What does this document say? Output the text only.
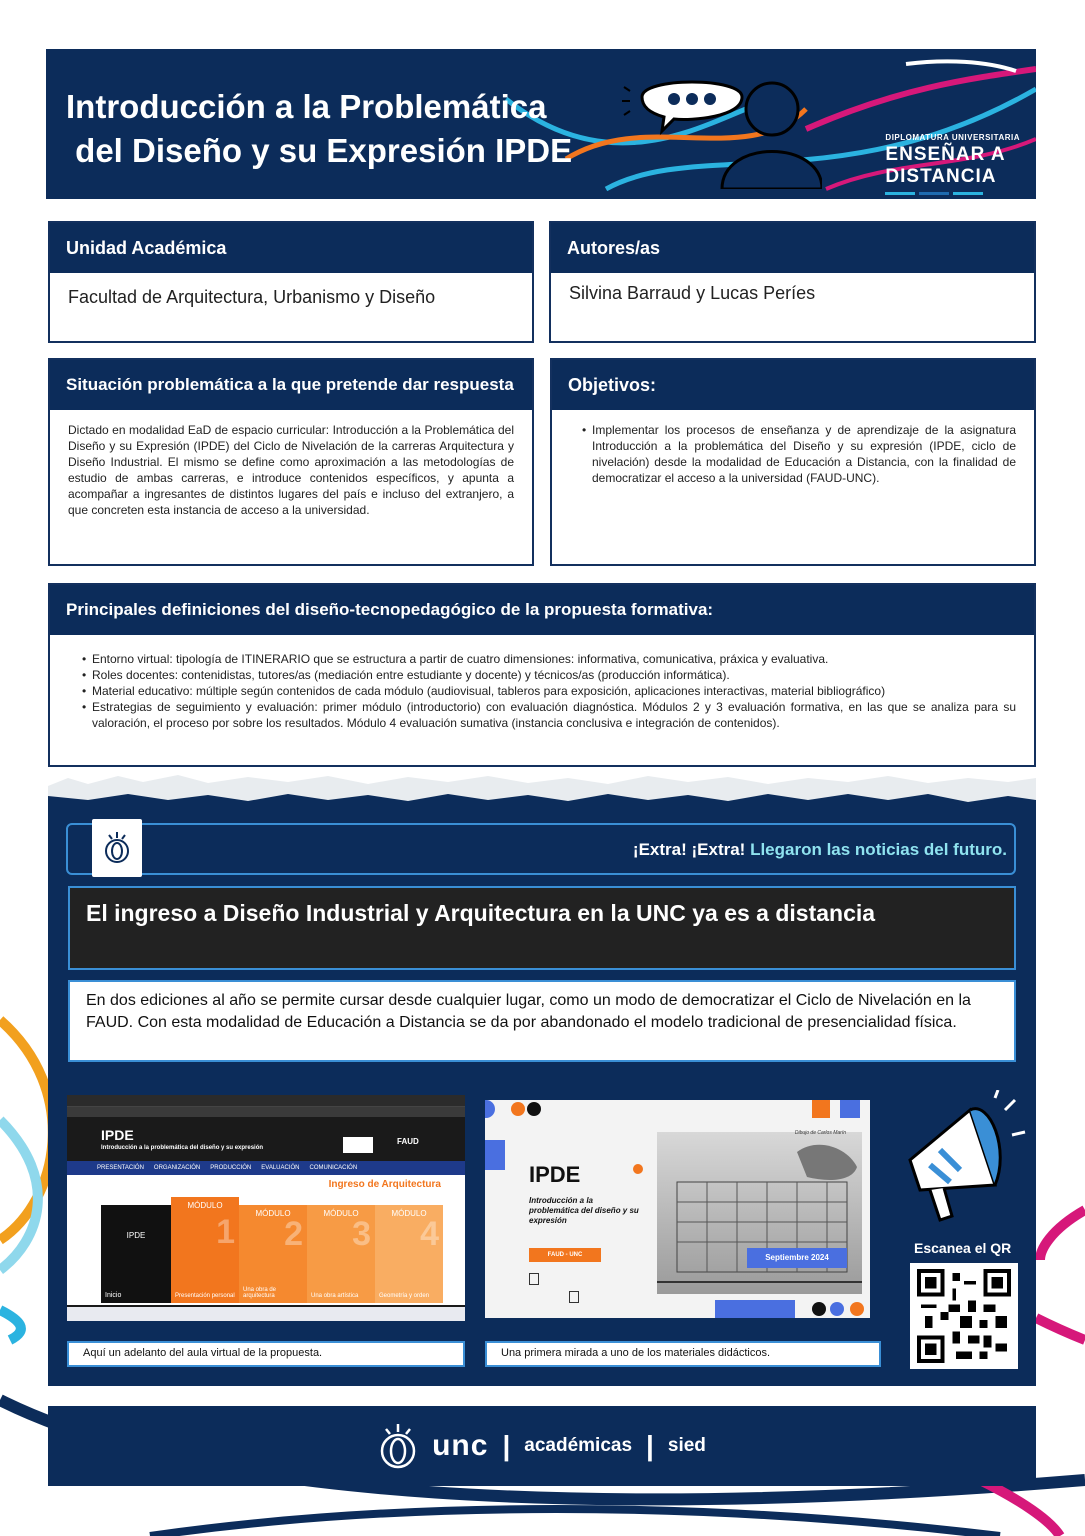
Introducción a la Problemática
del Diseño y su Expresión IPDE	DIPLOMATURA UNIVERSITARIA
ENSEÑAR A
DISTANCIA
Unidad Académica
Facultad de Arquitectura, Urbanismo y Diseño
Autores/as
Silvina Barraud y Lucas Períes
Situación problemática a la que pretende dar respuesta
Dictado en modalidad EaD de espacio curricular: Introducción a la Problemática del Diseño y su Expresión (IPDE) del Ciclo de Nivelación de la carreras Arquitectura y Diseño Industrial. El mismo se define como aproximación a las metodologías de estudio de ambas carreras, e introduce contenidos específicos, y apunta a acompañar a ingresantes de distintos lugares del país e incluso del extranjero, a que concreten esta instancia de acceso a la universidad.
Objetivos:
• Implementar los procesos de enseñanza y de aprendizaje de la asignatura Introducción a la problemática del Diseño y su expresión (IPDE, ciclo de nivelación) desde la modalidad de Educación a Distancia, con la finalidad de democratizar el acceso a la universidad (FAUD-UNC).
Principales definiciones del diseño-tecnopedagógico de la propuesta formativa:
• Entorno virtual: tipología de ITINERARIO que se estructura a partir de cuatro dimensiones: informativa, comunicativa, práxica y evaluativa.
• Roles docentes: contenidistas, tutores/as (mediación entre estudiante y docente) y técnicos/as (producción informática).
• Material educativo: múltiple según contenidos de cada módulo (audiovisual, tableros para exposición, aplicaciones interactivas, material bibliográfico)
• Estrategias de seguimiento y evaluación: primer módulo (introductorio) con evaluación diagnóstica. Módulos 2 y 3 evaluación formativa, en las que se analiza para su valoración, el proceso por sobre los resultados. Módulo 4 evaluación sumativa (instancia conclusiva e integración de contenidos).
¡Extra! ¡Extra! Llegaron las noticias del futuro.
El ingreso a Diseño Industrial y Arquitectura en la UNC ya es a distancia
En dos ediciones al año se permite cursar desde cualquier lugar, como un modo de democratizar el Ciclo de Nivelación en la FAUD. Con esta modalidad de Educación a Distancia se da por abandonado el modelo tradicional de presencialidad física.
IPDE
Introducción a la problemática del diseño y su expresión
FAUD
PRESENTACIÓN ORGANIZACIÓN PRODUCCIÓN EVALUACIÓN COMUNICACIÓN
Ingreso de Arquitectura
IPDE
Inicio
MÓDULO
1
Presentación personal
MÓDULO
2
Una obra de arquitectura
MÓDULO
3
Una obra artística
MÓDULO
4
Geometría y orden
Aquí un adelanto del aula virtual de la propuesta.
IPDE
Introducción a la problemática del diseño y su expresión
FAUD - UNC
	Septiembre 2024
Dibujo de Carlos Marín
Una primera mirada a uno de los materiales didácticos.
Escanea el QR
unc | académicas | sied
